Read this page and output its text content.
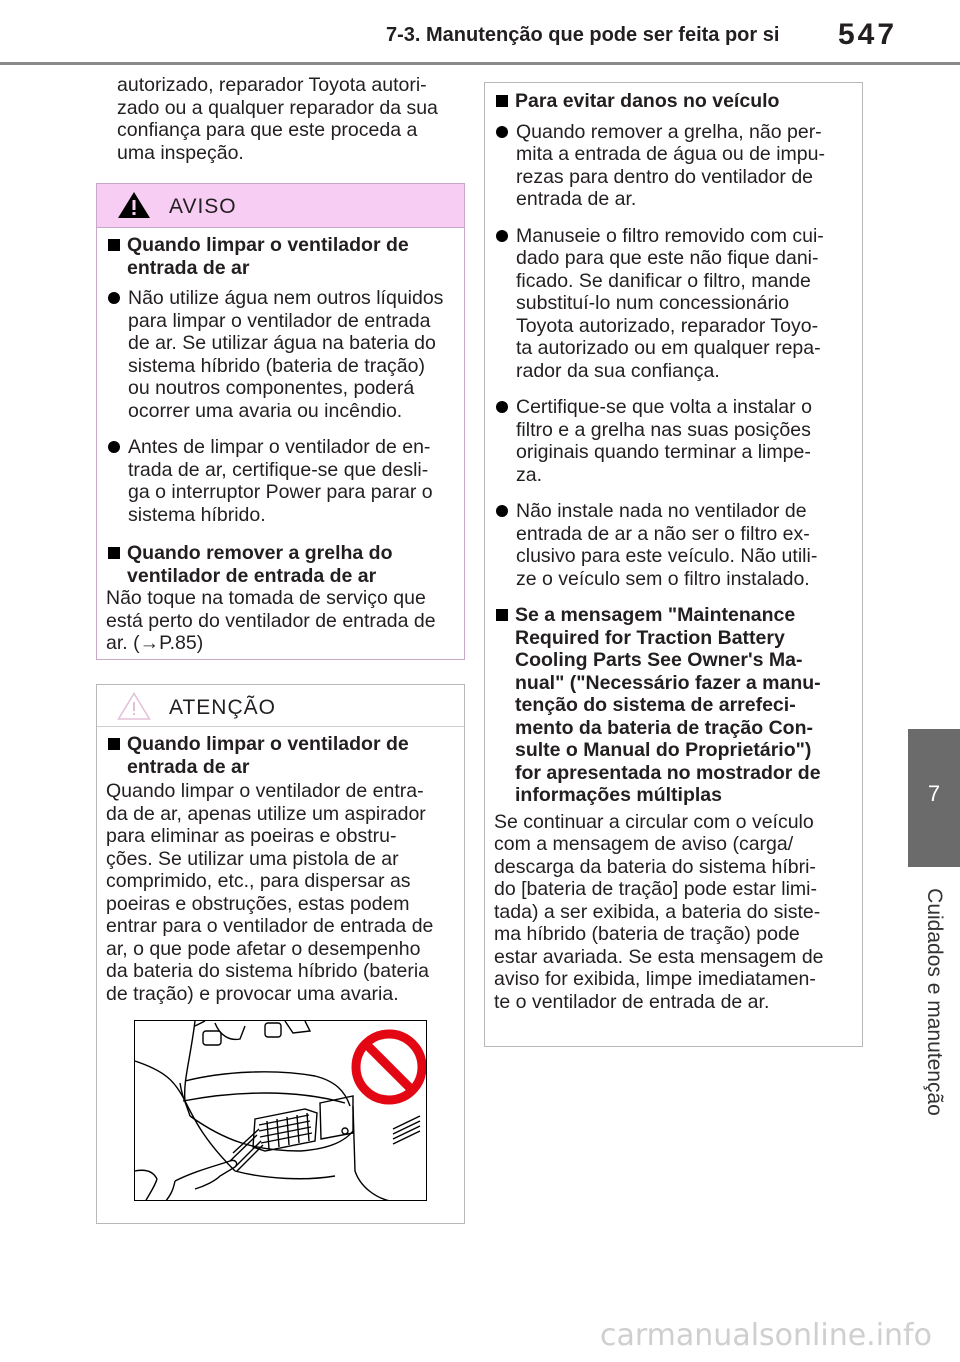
7-3. Manutenção que pode ser feita por si 547
7
Cuidados e manutenção
autorizado, reparador Toyota autori-
zado ou a qualquer reparador da sua
confiança para que este proceda a
uma inspeção.
AVISO
Quando limpar o ventilador de
entrada de ar
Não utilize água nem outros líquidos
para limpar o ventilador de entrada
de ar. Se utilizar água na bateria do
sistema híbrido (bateria de tração)
ou noutros componentes, poderá
ocorrer uma avaria ou incêndio.
Antes de limpar o ventilador de en-
trada de ar, certifique-se que desli-
ga o interruptor Power para parar o
sistema híbrido.
Quando remover a grelha do
ventilador de entrada de ar
Não toque na tomada de serviço que
está perto do ventilador de entrada de
ar. (→P.85)
ATENÇÃO
Quando limpar o ventilador de
entrada de ar
Quando limpar o ventilador de entra-
da de ar, apenas utilize um aspirador
para eliminar as poeiras e obstru-
ções. Se utilizar uma pistola de ar
comprimido, etc., para dispersar as
poeiras e obstruções, estas podem
entrar para o ventilador de entrada de
ar, o que pode afetar o desempenho
da bateria do sistema híbrido (bateria
de tração) e provocar uma avaria.
Para evitar danos no veículo
Quando remover a grelha, não per-
mita a entrada de água ou de impu-
rezas para dentro do ventilador de
entrada de ar.
Manuseie o filtro removido com cui-
dado para que este não fique dani-
ficado. Se danificar o filtro, mande
substituí-lo num concessionário
Toyota autorizado, reparador Toyo-
ta autorizado ou em qualquer repa-
rador da sua confiança.
Certifique-se que volta a instalar o
filtro e a grelha nas suas posições
originais quando terminar a limpe-
za.
Não instale nada no ventilador de
entrada de ar a não ser o filtro ex-
clusivo para este veículo. Não utili-
ze o veículo sem o filtro instalado.
Se a mensagem "Maintenance
Required for Traction Battery
Cooling Parts See Owner's Ma-
nual" ("Necessário fazer a manu-
tenção do sistema de arrefeci-
mento da bateria de tração Con-
sulte o Manual do Proprietário")
for apresentada no mostrador de
informações múltiplas
Se continuar a circular com o veículo
com a mensagem de aviso (carga/
descarga da bateria do sistema híbri-
do [bateria de tração] pode estar limi-
tada) a ser exibida, a bateria do siste-
ma híbrido (bateria de tração) pode
estar avariada. Se esta mensagem de
aviso for exibida, limpe imediatamen-
te o ventilador de entrada de ar.
carmanualsonline.info
